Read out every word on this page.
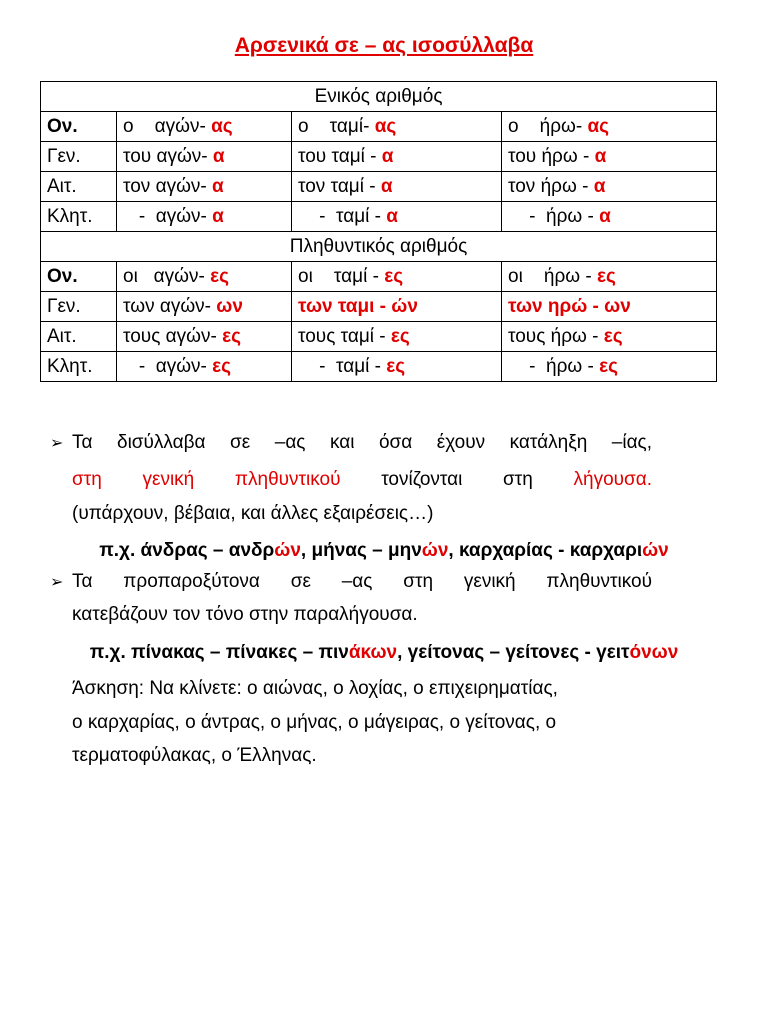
Αρσενικά σε – ας ισοσύλλαβα
Ενικός αριθμός			
Ον.	ο    αγών- ας	ο    ταμί- ας	ο    ήρω- ας
Γεν.	του αγών- α	του ταμί - α	του ήρω - α
Αιτ.	τον αγών- α	τον ταμί - α	τον ήρω - α
Κλητ.	-  αγών- α	-  ταμί - α	-  ήρω - α
Πληθυντικός αριθμός			
Ον.	οι   αγών- ες	οι    ταμί - ες	οι    ήρω - ες
Γεν.	των αγών- ων	των ταμι - ών	των ηρώ - ων
Αιτ.	τους αγών- ες	τους ταμί - ες	τους ήρω - ες
Κλητ.	-  αγών- ες	-  ταμί - ες	-  ήρω - ες
➢ Τα δισύλλαβα σε –ας και όσα έχουν κατάληξη –ίας,
στη γενική πληθυντικού τονίζονται στη λήγουσα.
(υπάρχουν, βέβαια, και άλλες εξαιρέσεις…)
π.χ. άνδρας – ανδρών, μήνας – μηνών, καρχαρίας - καρχαριών
➢ Τα προπαροξύτονα σε –ας στη γενική πληθυντικού
κατεβάζουν τον τόνο στην παραλήγουσα.
π.χ. πίνακας – πίνακες – πινάκων, γείτονας – γείτονες - γειτόνων
Άσκηση: Να κλίνετε: ο αιώνας, ο λοχίας, ο επιχειρηματίας,
ο καρχαρίας, ο άντρας, ο μήνας, ο μάγειρας, ο γείτονας, ο
τερματοφύλακας, ο Έλληνας.
